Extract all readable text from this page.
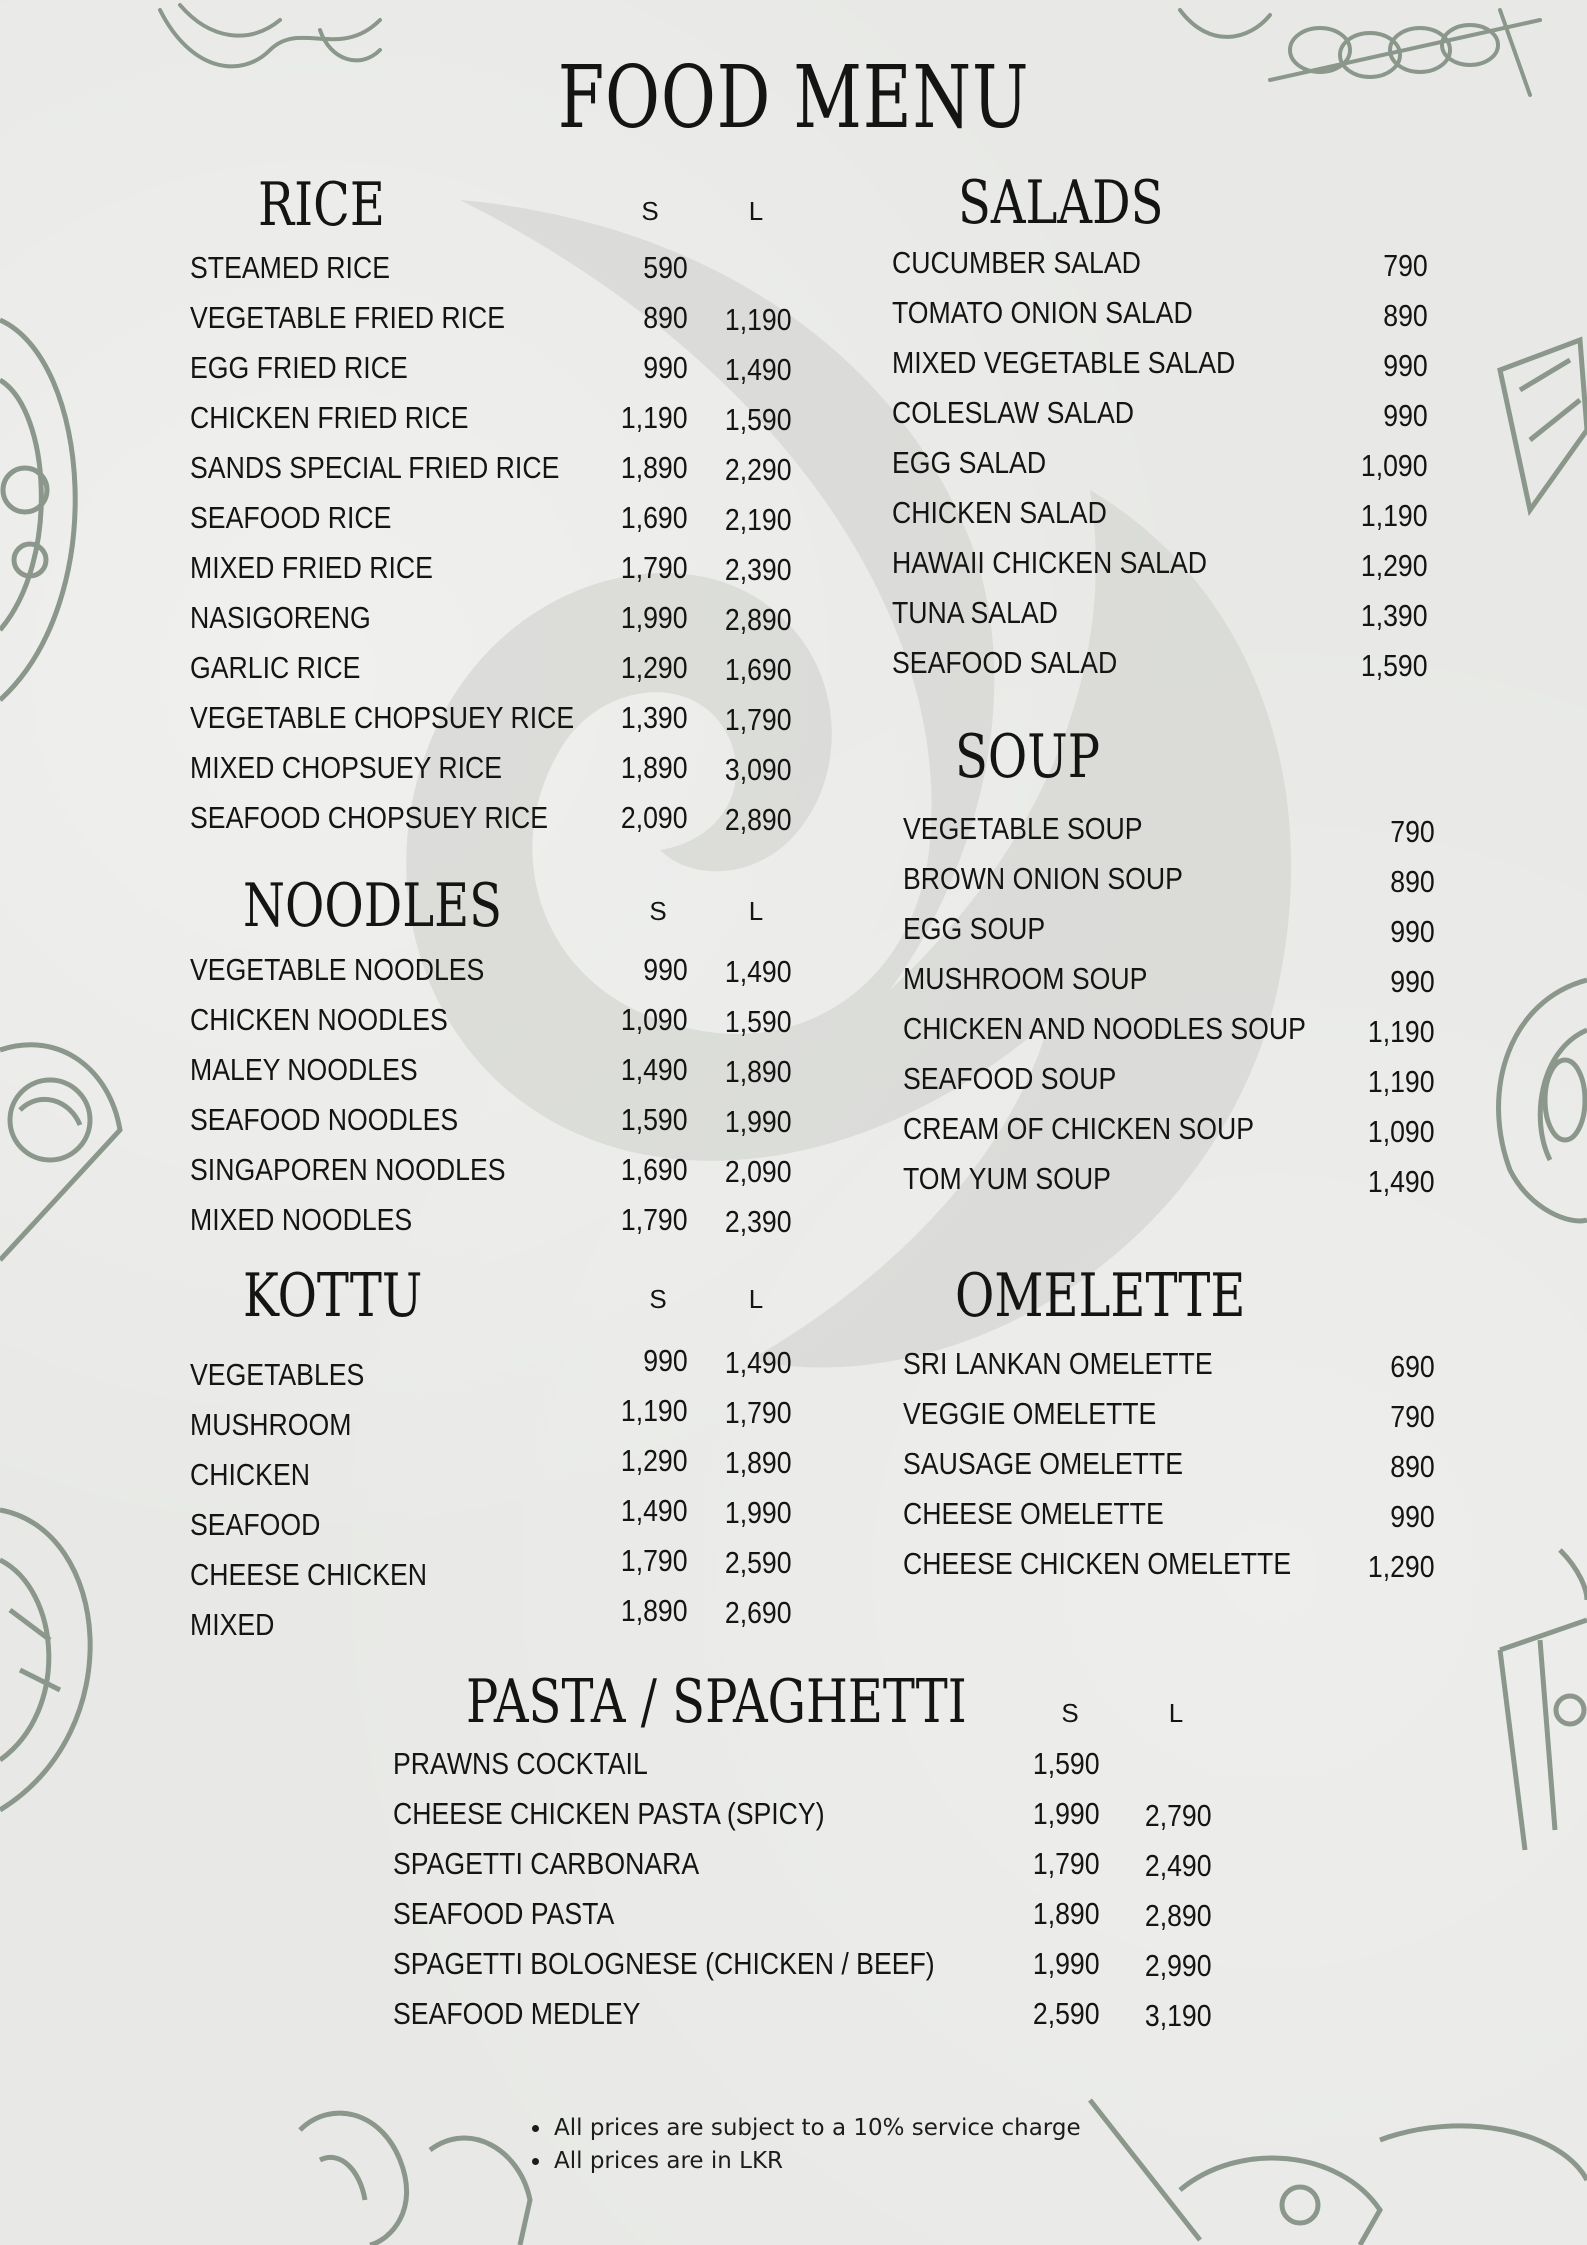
FOOD MENU
RICE	S	L
STEAMED RICE	590
VEGETABLE FRIED RICE	890 1,190
EGG FRIED RICE	990 1,490
CHICKEN FRIED RICE	1,190 1,590
SANDS SPECIAL FRIED RICE 1,890 2,290
SEAFOOD RICE	1,690 2,190
MIXED FRIED RICE	1,790 2,390
NASIGORENG	1,990 2,890
GARLIC RICE	1,290 1,690
VEGETABLE CHOPSUEY RICE 1,390 1,790
MIXED CHOPSUEY RICE	1,890 3,090
SEAFOOD CHOPSUEY RICE 2,090 2,890
NOODLES	S	L
VEGETABLE NOODLES	990 1,490
CHICKEN NOODLES	1,090 1,590
MALEY NOODLES	1,490 1,890
SEAFOOD NOODLES	1,590 1,990
SINGAPOREN NOODLES	1,690 2,090
MIXED NOODLES	1,790 2,390
KOTTU	S	L
VEGETABLES	990 1,490
MUSHROOM	1,190 1,790
CHICKEN	1,290 1,890
SEAFOOD	1,490 1,990
CHEESE CHICKEN	1,790 2,590
MIXED	1,890 2,690
SALADS
CUCUMBER SALAD	790
TOMATO ONION SALAD	890
MIXED VEGETABLE SALAD	990
COLESLAW SALAD	990
EGG SALAD	1,090
CHICKEN SALAD	1,190
HAWAII CHICKEN SALAD	1,290
TUNA SALAD	1,390
SEAFOOD SALAD	1,590
SOUP
VEGETABLE SOUP	790
BROWN ONION SOUP	890
EGG SOUP	990
MUSHROOM SOUP	990
CHICKEN AND NOODLES SOUP 1,190
SEAFOOD SOUP	1,190
CREAM OF CHICKEN SOUP	1,090
TOM YUM SOUP	1,490
OMELETTE
SRI LANKAN OMELETTE	690
VEGGIE OMELETTE	790
SAUSAGE OMELETTE	890
CHEESE OMELETTE	990
CHEESE CHICKEN OMELETTE 1,290
PASTA / SPAGHETTI	S	L
PRAWNS COCKTAIL	1,590
CHEESE CHICKEN PASTA (SPICY)	1,990 2,790
SPAGETTI CARBONARA	1,790 2,490
SEAFOOD PASTA	1,890 2,890
SPAGETTI BOLOGNESE (CHICKEN / BEEF)	1,990 2,990
SEAFOOD MEDLEY	2,590 3,190
All prices are subject to a 10% service charge
All prices are in LKR
